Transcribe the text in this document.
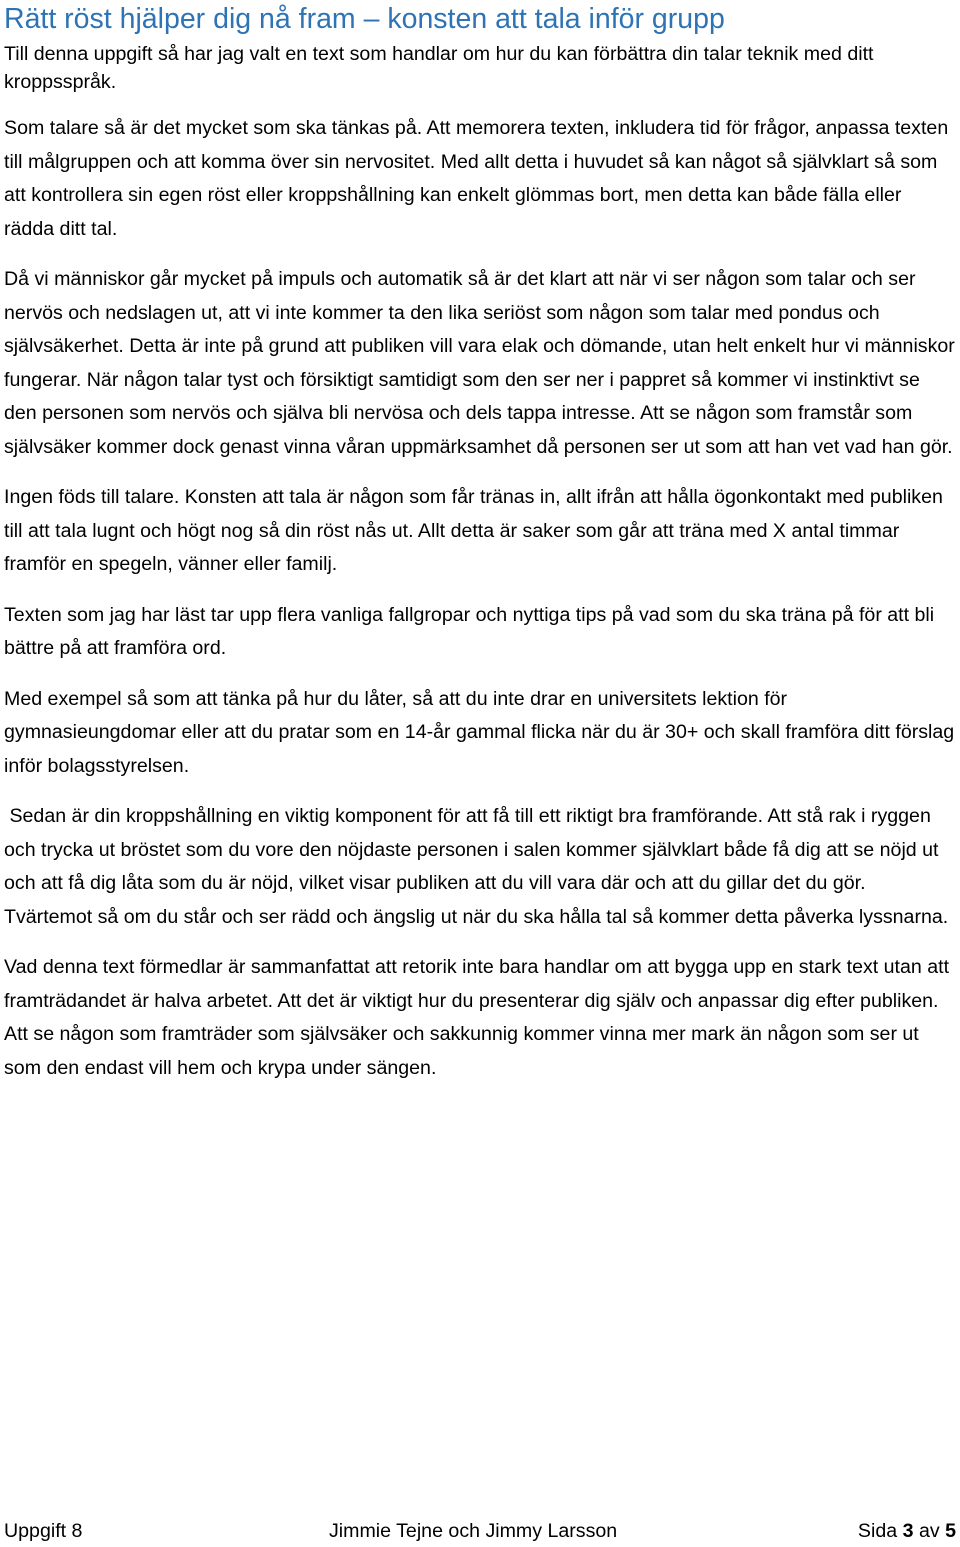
Rätt röst hjälper dig nå fram – konsten att tala inför grupp

Till denna uppgift så har jag valt en text som handlar om hur du kan förbättra din talar teknik med ditt kroppsspråk.

Som talare så är det mycket som ska tänkas på. Att memorera texten, inkludera tid för frågor, anpassa texten till målgruppen och att komma över sin nervositet. Med allt detta i huvudet så kan något så självklart så som att kontrollera sin egen röst eller kroppshållning kan enkelt glömmas bort, men detta kan både fälla eller rädda ditt tal.

Då vi människor går mycket på impuls och automatik så är det klart att när vi ser någon som talar och ser nervös och nedslagen ut, att vi inte kommer ta den lika seriöst som någon som talar med pondus och självsäkerhet. Detta är inte på grund att publiken vill vara elak och dömande, utan helt enkelt hur vi människor fungerar. När någon talar tyst och försiktigt samtidigt som den ser ner i pappret så kommer vi instinktivt se den personen som nervös och själva bli nervösa och dels tappa intresse. Att se någon som framstår som självsäker kommer dock genast vinna våran uppmärksamhet då personen ser ut som att han vet vad han gör.

Ingen föds till talare. Konsten att tala är någon som får tränas in, allt ifrån att hålla ögonkontakt med publiken till att tala lugnt och högt nog så din röst nås ut. Allt detta är saker som går att träna med X antal timmar framför en spegeln, vänner eller familj.

Texten som jag har läst tar upp flera vanliga fallgropar och nyttiga tips på vad som du ska träna på för att bli bättre på att framföra ord.

Med exempel så som att tänka på hur du låter, så att du inte drar en universitets lektion för gymnasieungdomar eller att du pratar som en 14-år gammal flicka när du är 30+ och skall framföra ditt förslag inför bolagsstyrelsen.

Sedan är din kroppshållning en viktig komponent för att få till ett riktigt bra framförande. Att stå rak i ryggen och trycka ut bröstet som du vore den nöjdaste personen i salen kommer självklart både få dig att se nöjd ut och att få dig låta som du är nöjd, vilket visar publiken att du vill vara där och att du gillar det du gör. Tvärtemot så om du står och ser rädd och ängslig ut när du ska hålla tal så kommer detta påverka lyssnarna.

Vad denna text förmedlar är sammanfattat att retorik inte bara handlar om att bygga upp en stark text utan att framträdandet är halva arbetet. Att det är viktigt hur du presenterar dig själv och anpassar dig efter publiken. Att se någon som framträder som självsäker och sakkunnig kommer vinna mer mark än någon som ser ut som den endast vill hem och krypa under sängen.

Uppgift 8	Jimmie Tejne och Jimmy Larsson	Sida 3 av 5
